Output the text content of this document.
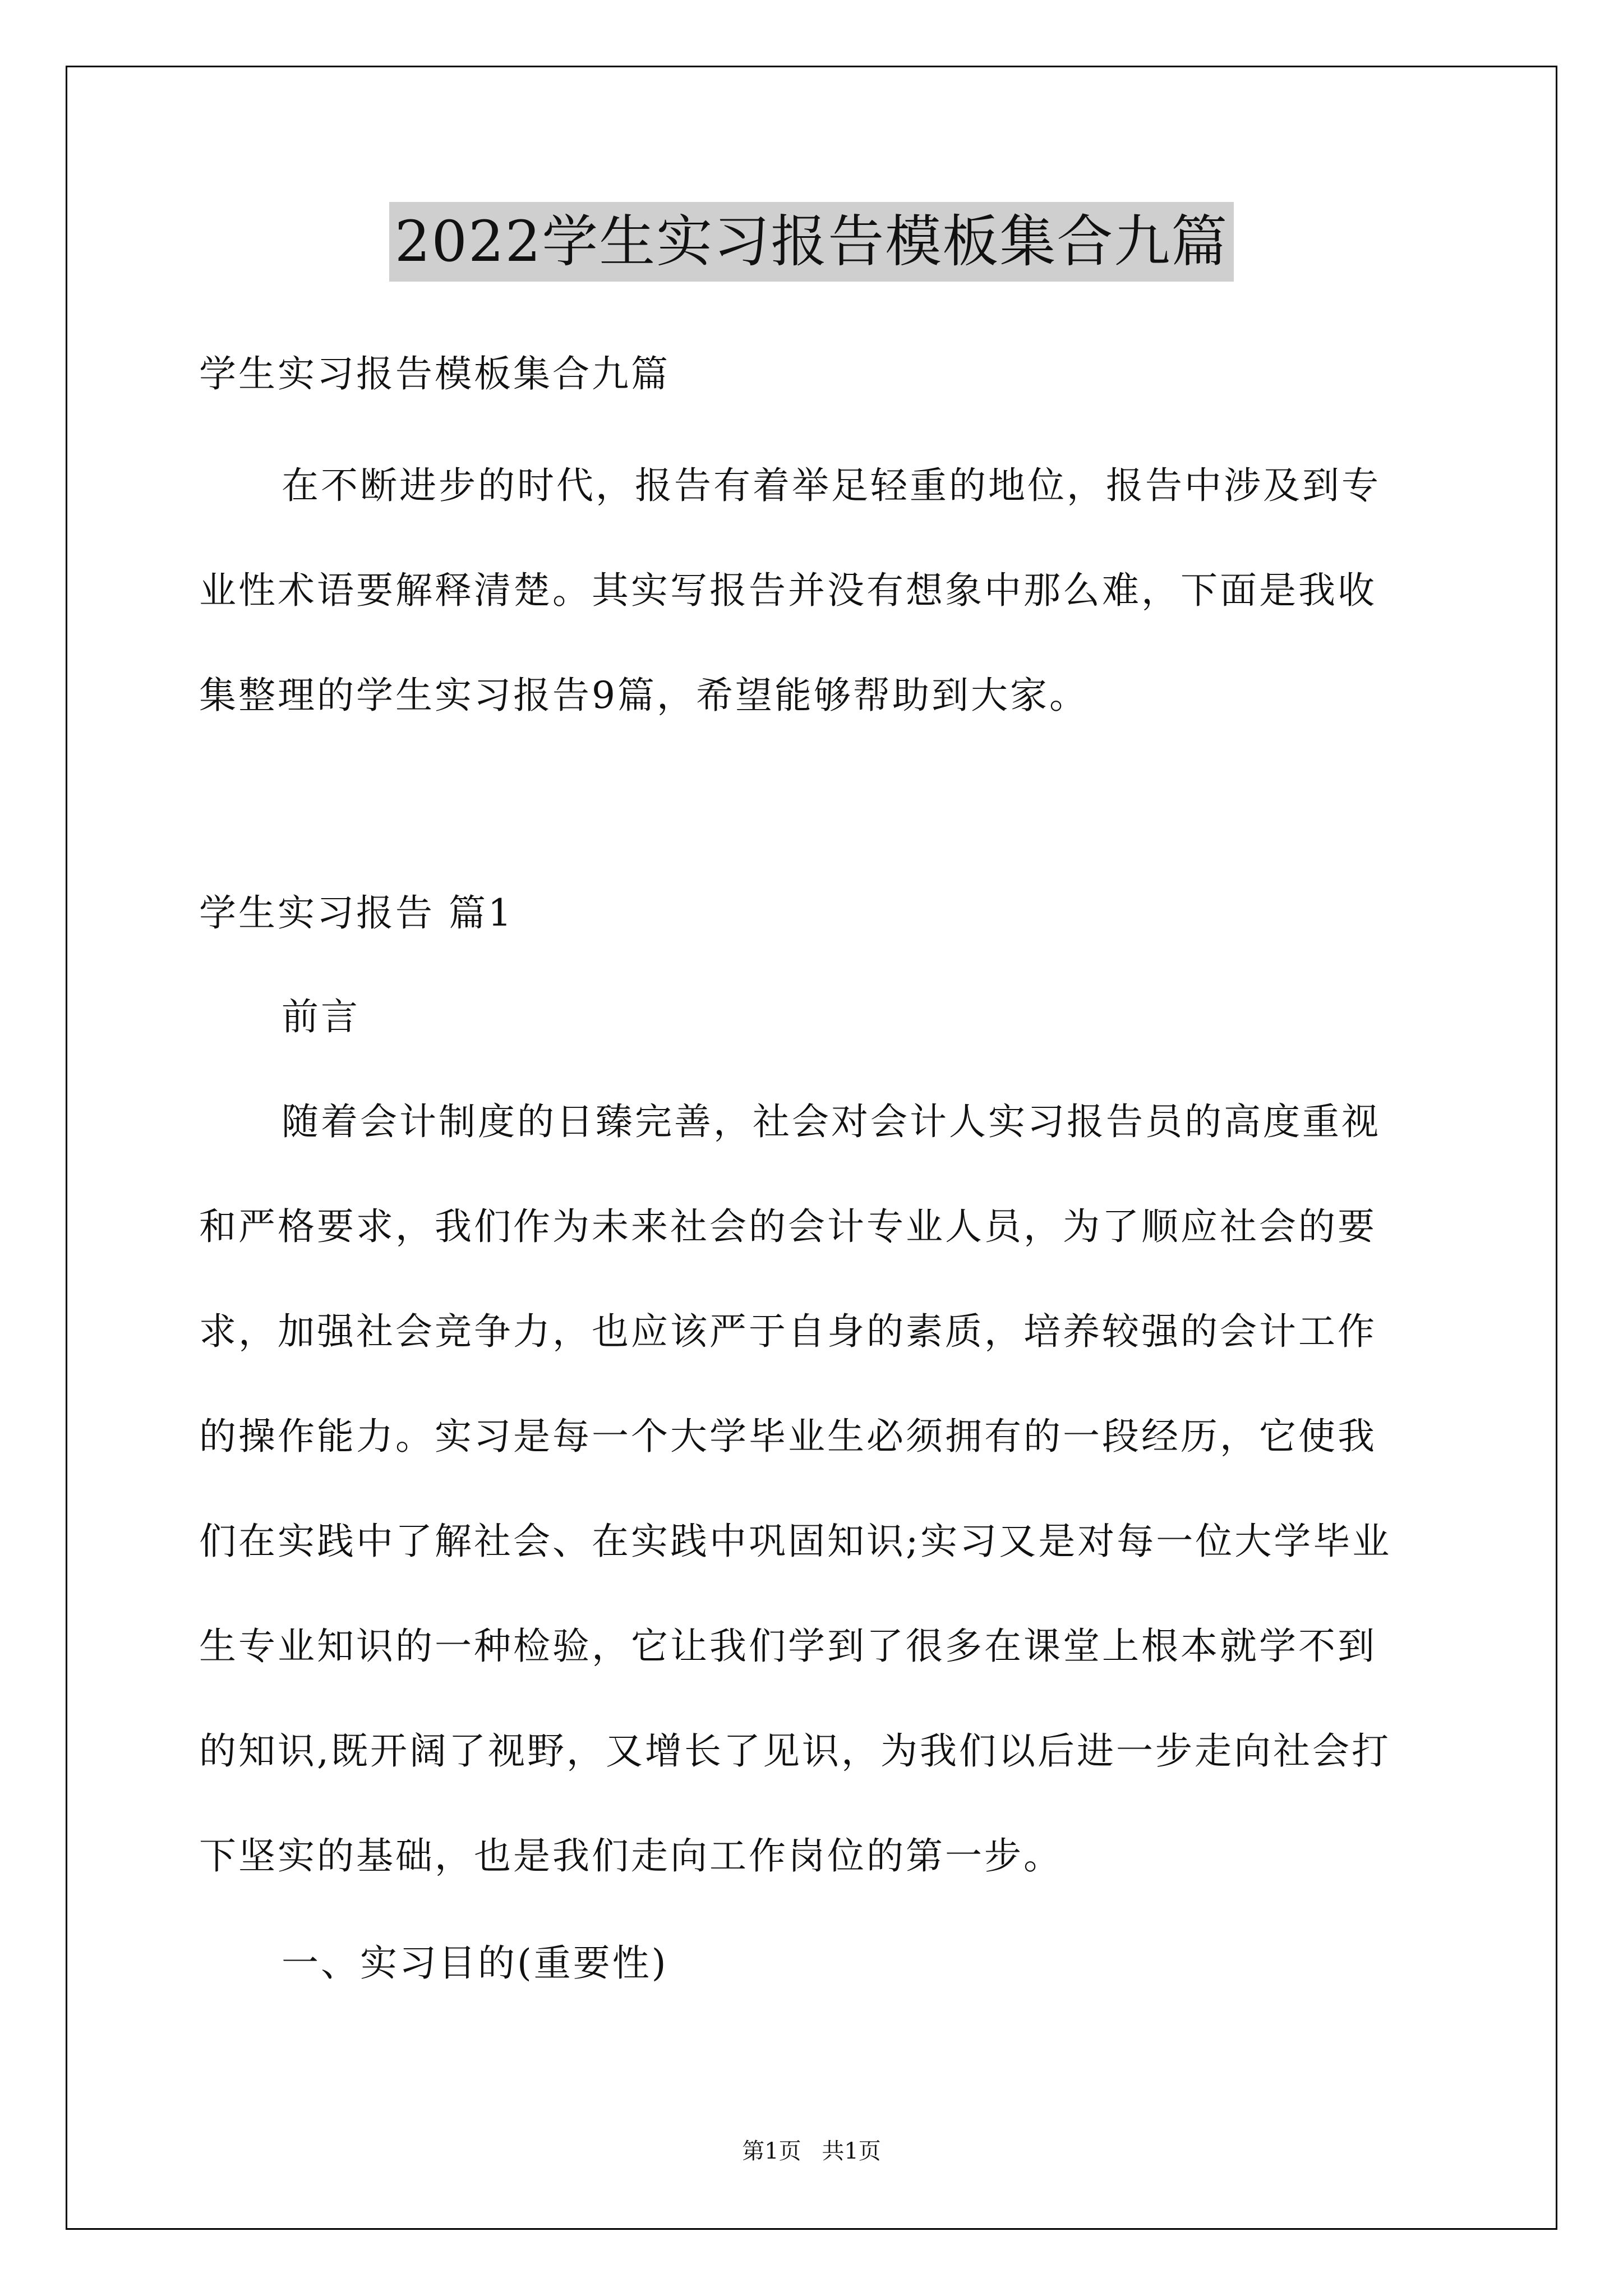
2022学生实习报告模板集合九篇
学生实习报告模板集合九篇
在不断进步的时代，报告有着举足轻重的地位，报告中涉及到专
业性术语要解释清楚。其实写报告并没有想象中那么难，下面是我收
集整理的学生实习报告9篇，希望能够帮助到大家。
学生实习报告 篇1
前言
随着会计制度的日臻完善，社会对会计人实习报告员的高度重视
和严格要求，我们作为未来社会的会计专业人员，为了顺应社会的要
求，加强社会竞争力，也应该严于自身的素质，培养较强的会计工作
的操作能力。实习是每一个大学毕业生必须拥有的一段经历，它使我
们在实践中了解社会、在实践中巩固知识;实习又是对每一位大学毕业
生专业知识的一种检验，它让我们学到了很多在课堂上根本就学不到
的知识,既开阔了视野，又增长了见识，为我们以后进一步走向社会打
下坚实的基础，也是我们走向工作岗位的第一步。
一、实习目的(重要性)
第1页 共1页
